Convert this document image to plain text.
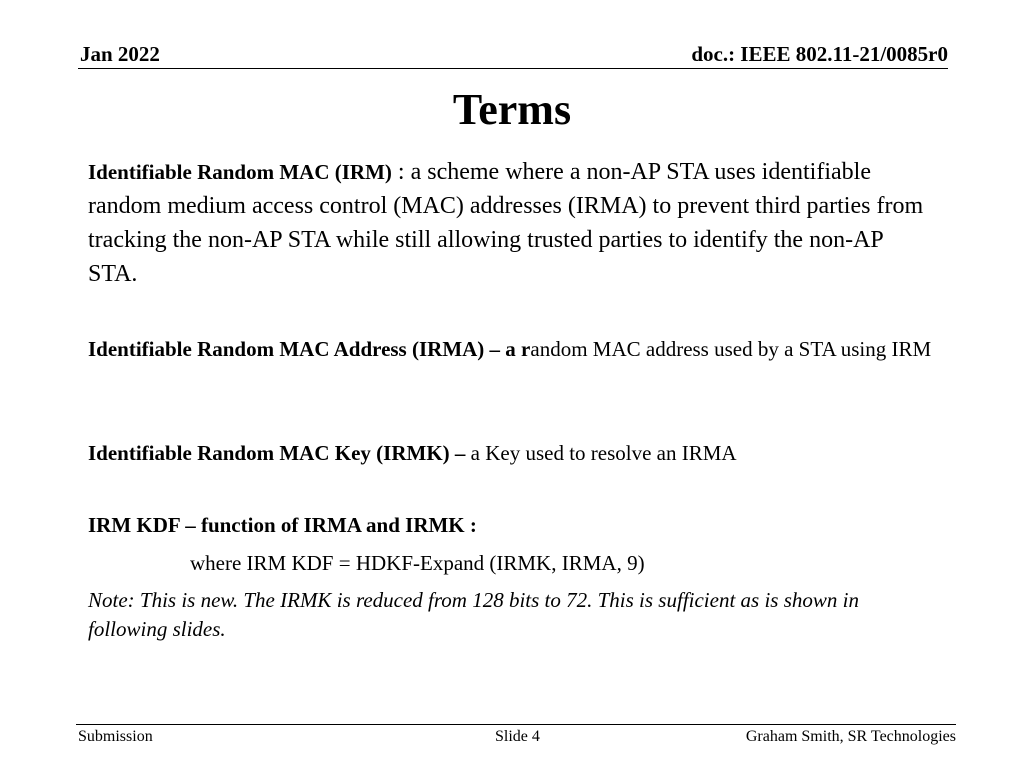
Jan 2022	doc.: IEEE 802.11-21/0085r0
Terms

Identifiable Random MAC (IRM) : a scheme where a non-AP STA uses identifiable random medium access control (MAC) addresses (IRMA) to prevent third parties from tracking the non-AP STA while still allowing trusted parties to identify the non-AP STA.

Identifiable Random MAC Address (IRMA) – a random MAC address used by a STA using IRM

Identifiable Random MAC Key (IRMK) – a Key used to resolve an IRMA

IRM KDF – function of IRMA and IRMK :

where IRM KDF = HDKF-Expand (IRMK, IRMA, 9)

Note: This is new. The IRMK is reduced from 128 bits to 72. This is sufficient as is shown in following slides.

Submission	Slide 4	Graham Smith, SR Technologies
